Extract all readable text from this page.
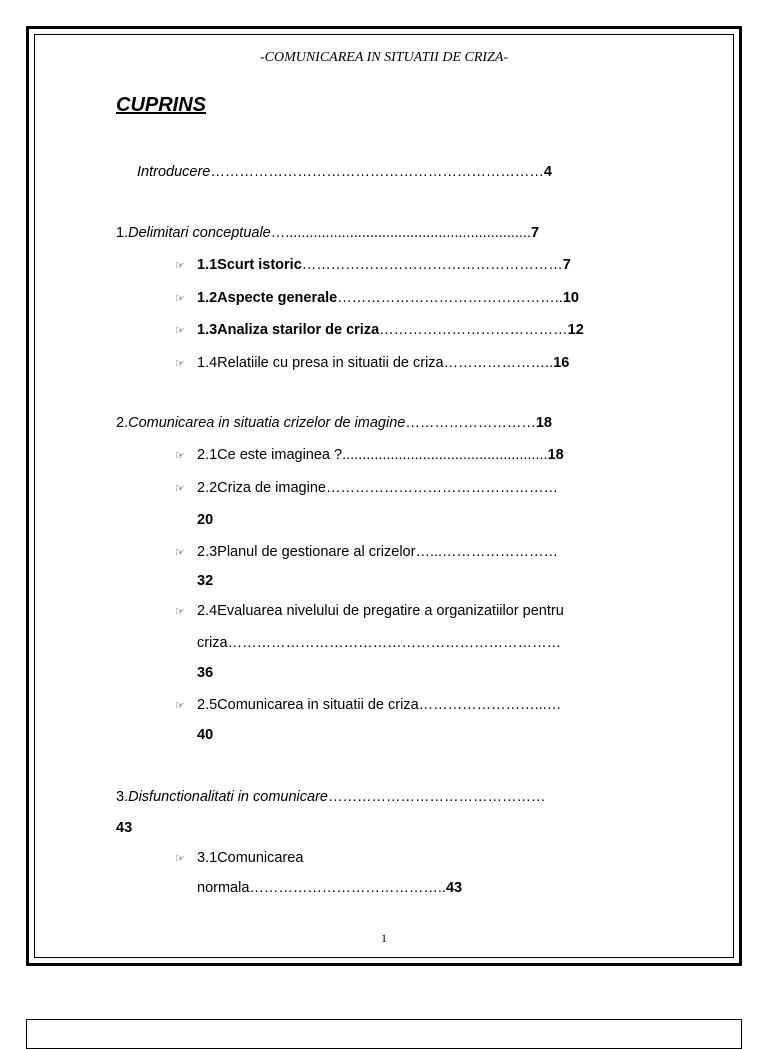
-COMUNICAREA IN SITUATII DE CRIZA-
CUPRINS
Introducere……………………………………………………………4
1.Delimitari conceptuale….............................................................7
☞ 1.1Scurt istoric………………………………………………7
☞ 1.2Aspecte generale………………………………………..10
☞ 1.3Analiza starilor de criza…………………………………12
☞ 1.4Relatiile cu presa in situatii de criza…………………..16
2.Comunicarea in situatia crizelor de imagine………………………18
☞ 2.1Ce este imaginea ?...................................................18
☞ 2.2Criza de imagine…………………………………………
20
☞ 2.3Planul de gestionare al crizelor…...……………………
32
☞ 2.4Evaluarea nivelului de pregatire a organizatiilor pentru
criza……………………………………………………………
36
☞ 2.5Comunicarea in situatii de criza……………………...…
40
3.Disfunctionalitati in comunicare………………………………………
43
☞ 3.1Comunicarea
normala…………………………………..43
1
